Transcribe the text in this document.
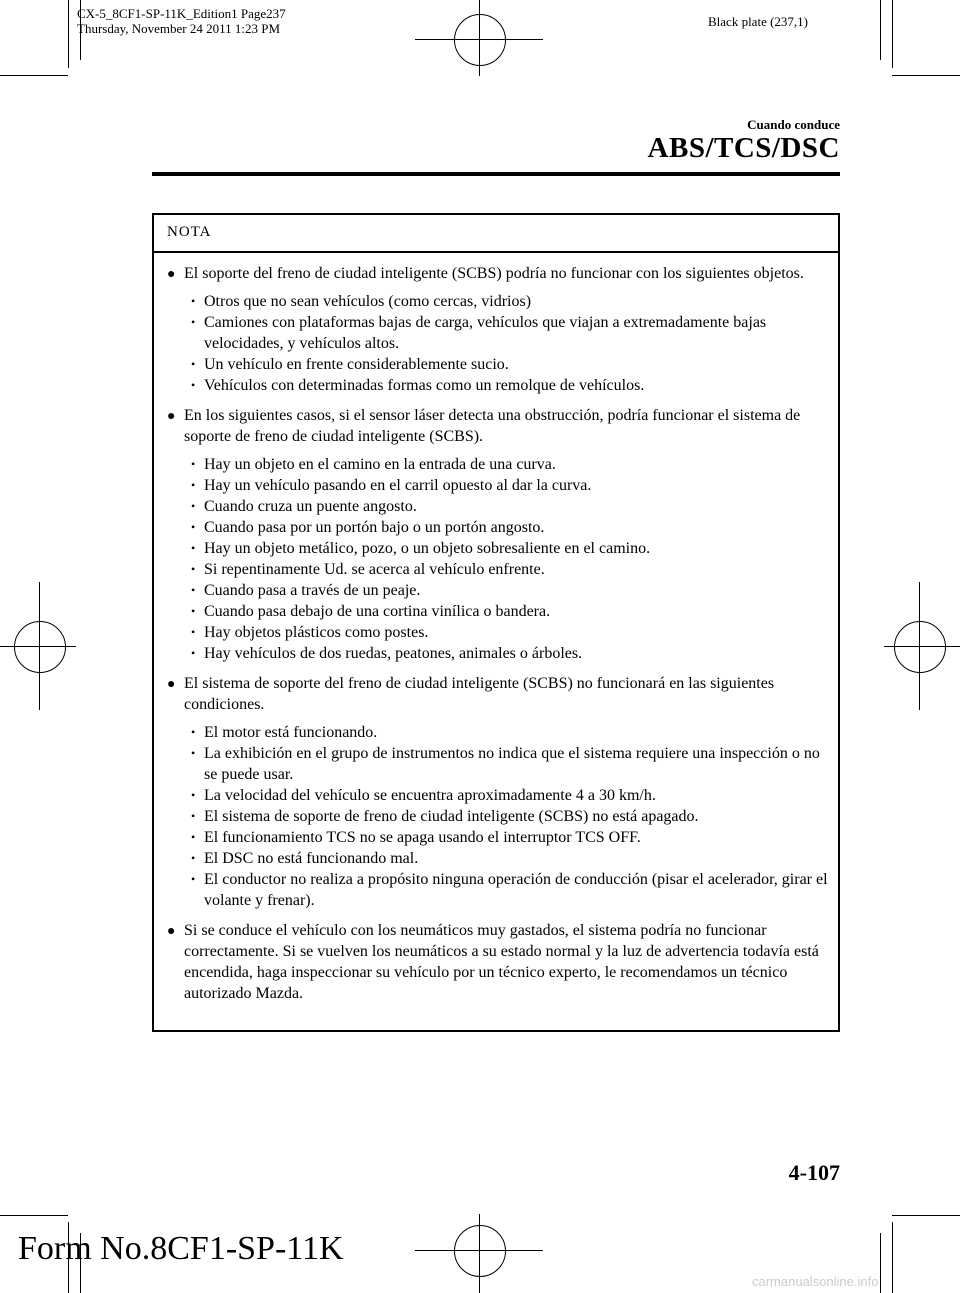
CX-5_8CF1-SP-11K_Edition1 Page237
Thursday, November 24 2011 1:23 PM	Black plate (237,1)
Cuando conduce
ABS/TCS/DSC
NOTA
● El soporte del freno de ciudad inteligente (SCBS) podría no funcionar con los siguientes objetos.
• Otros que no sean vehículos (como cercas, vidrios)
• Camiones con plataformas bajas de carga, vehículos que viajan a extremadamente bajas velocidades, y vehículos altos.
• Un vehículo en frente considerablemente sucio.
• Vehículos con determinadas formas como un remolque de vehículos.
● En los siguientes casos, si el sensor láser detecta una obstrucción, podría funcionar el sistema de soporte de freno de ciudad inteligente (SCBS).
• Hay un objeto en el camino en la entrada de una curva.
• Hay un vehículo pasando en el carril opuesto al dar la curva.
• Cuando cruza un puente angosto.
• Cuando pasa por un portón bajo o un portón angosto.
• Hay un objeto metálico, pozo, o un objeto sobresaliente en el camino.
• Si repentinamente Ud. se acerca al vehículo enfrente.
• Cuando pasa a través de un peaje.
• Cuando pasa debajo de una cortina vinílica o bandera.
• Hay objetos plásticos como postes.
• Hay vehículos de dos ruedas, peatones, animales o árboles.
● El sistema de soporte del freno de ciudad inteligente (SCBS) no funcionará en las siguientes condiciones.
• El motor está funcionando.
• La exhibición en el grupo de instrumentos no indica que el sistema requiere una inspección o no se puede usar.
• La velocidad del vehículo se encuentra aproximadamente 4 a 30 km/h.
• El sistema de soporte de freno de ciudad inteligente (SCBS) no está apagado.
• El funcionamiento TCS no se apaga usando el interruptor TCS OFF.
• El DSC no está funcionando mal.
• El conductor no realiza a propósito ninguna operación de conducción (pisar el acelerador, girar el volante y frenar).
● Si se conduce el vehículo con los neumáticos muy gastados, el sistema podría no funcionar correctamente. Si se vuelven los neumáticos a su estado normal y la luz de advertencia todavía está encendida, haga inspeccionar su vehículo por un técnico experto, le recomendamos un técnico autorizado Mazda.
4-107
Form No.8CF1-SP-11K
carmanualsonline.info
